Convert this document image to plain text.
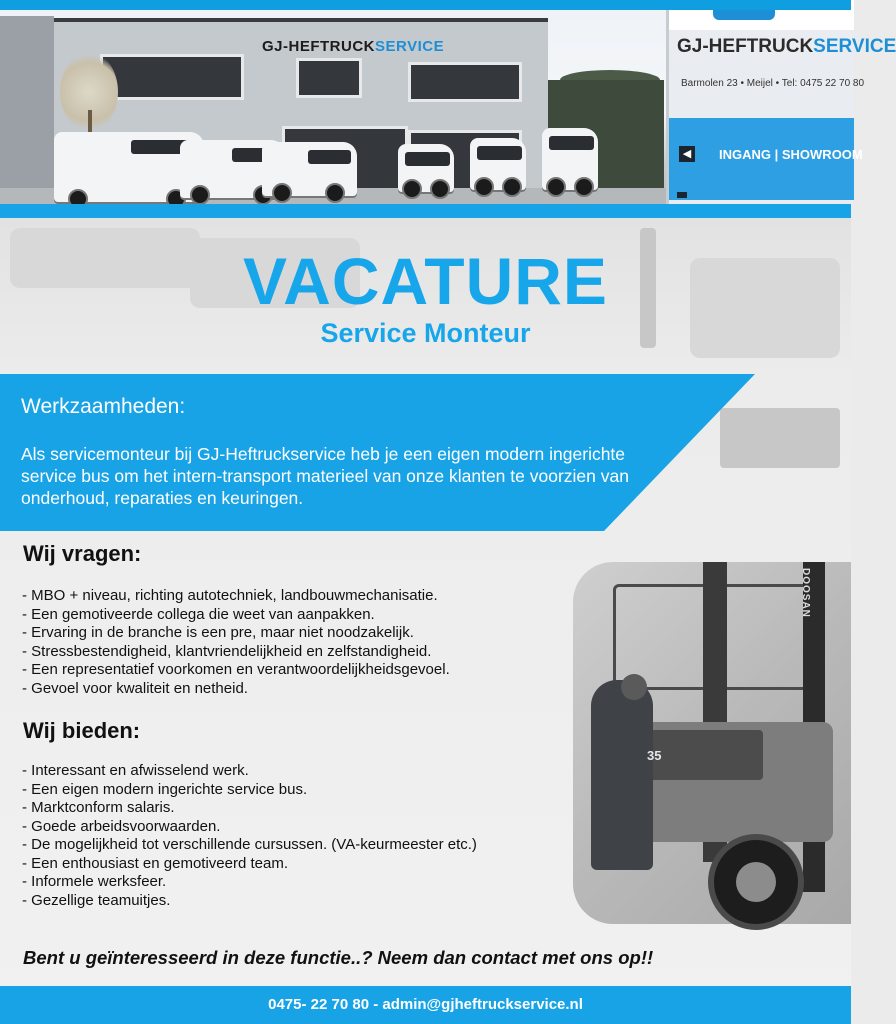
GJ-HEFTRUCKSERVICE	GJ-HEFTRUCKSERVICE
Barmolen 23 • Meijel • Tel: 0475 22 70 80
◀ INGANG | SHOWROOM
VACATURE
Service Monteur
Werkzaamheden:

Als servicemonteur bij GJ-Heftruckservice heb je een eigen modern ingerichte service bus om het intern-transport materieel van onze klanten te voorzien van onderhoud, reparaties en keuringen.

DOOSAN
35
Wij vragen:
- MBO + niveau, richting autotechniek, landbouwmechanisatie.
- Een gemotiveerde collega die weet van aanpakken.
- Ervaring in de branche is een pre, maar niet noodzakelijk.
- Stressbestendigheid, klantvriendelijkheid en zelfstandigheid.
- Een representatief voorkomen en verantwoordelijkheidsgevoel.
- Gevoel voor kwaliteit en netheid.
Wij bieden:
- Interessant en afwisselend werk.
- Een eigen modern ingerichte service bus.
- Marktconform salaris.
- Goede arbeidsvoorwaarden.
- De mogelijkheid tot verschillende cursussen. (VA-keurmeester etc.)
- Een enthousiast en gemotiveerd team.
- Informele werksfeer.
- Gezellige teamuitjes.

Bent u geïnteresseerd in deze functie..? Neem dan contact met ons op!!

0475- 22 70 80 - admin@gjheftruckservice.nl
